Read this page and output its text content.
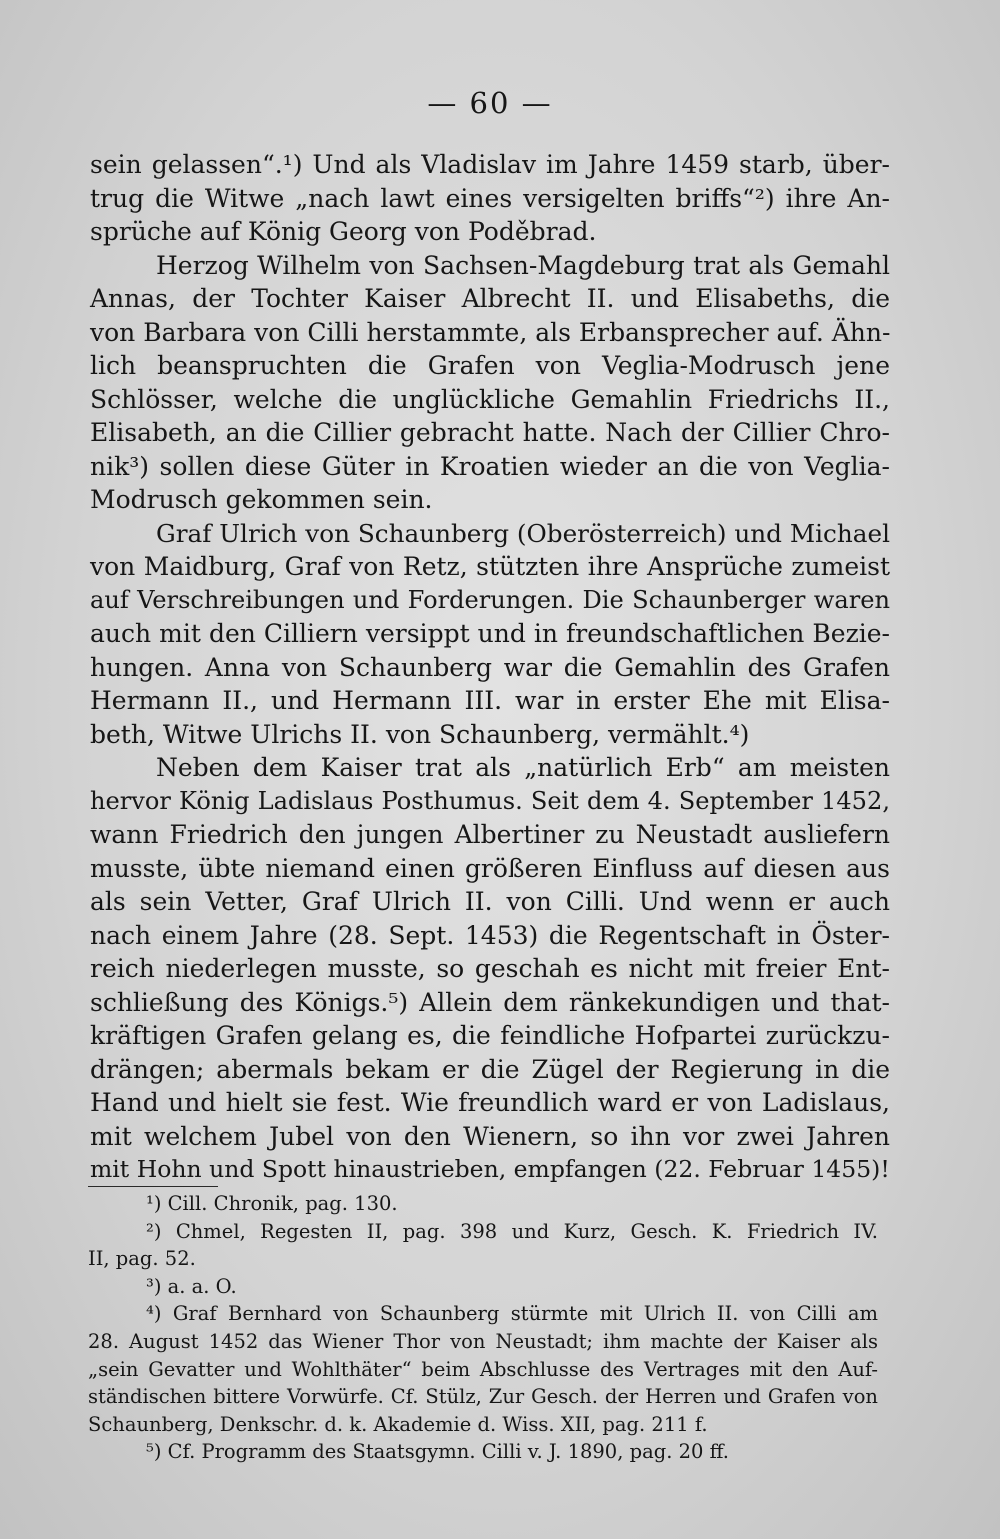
— 60 —
sein gelassen“.¹) Und als Vladislav im Jahre 1459 starb, über-
trug die Witwe „nach lawt eines versigelten briffs“²) ihre An-
sprüche auf König Georg von Poděbrad.
Herzog Wilhelm von Sachsen-Magdeburg trat als Gemahl
Annas, der Tochter Kaiser Albrecht II. und Elisabeths, die
von Barbara von Cilli herstammte, als Erbansprecher auf. Ähn-
lich beanspruchten die Grafen von Veglia-Modrusch jene
Schlösser, welche die unglückliche Gemahlin Friedrichs II.,
Elisabeth, an die Cillier gebracht hatte. Nach der Cillier Chro-
nik³) sollen diese Güter in Kroatien wieder an die von Veglia-
Modrusch gekommen sein.
Graf Ulrich von Schaunberg (Oberösterreich) und Michael
von Maidburg, Graf von Retz, stützten ihre Ansprüche zumeist
auf Verschreibungen und Forderungen. Die Schaunberger waren
auch mit den Cilliern versippt und in freundschaftlichen Bezie-
hungen. Anna von Schaunberg war die Gemahlin des Grafen
Hermann II., und Hermann III. war in erster Ehe mit Elisa-
beth, Witwe Ulrichs II. von Schaunberg, vermählt.⁴)
Neben dem Kaiser trat als „natürlich Erb“ am meisten
hervor König Ladislaus Posthumus. Seit dem 4. September 1452,
wann Friedrich den jungen Albertiner zu Neustadt ausliefern
musste, übte niemand einen größeren Einfluss auf diesen aus
als sein Vetter, Graf Ulrich II. von Cilli. Und wenn er auch
nach einem Jahre (28. Sept. 1453) die Regentschaft in Öster-
reich niederlegen musste, so geschah es nicht mit freier Ent-
schließung des Königs.⁵) Allein dem ränkekundigen und that-
kräftigen Grafen gelang es, die feindliche Hofpartei zurückzu-
drängen; abermals bekam er die Zügel der Regierung in die
Hand und hielt sie fest. Wie freundlich ward er von Ladislaus,
mit welchem Jubel von den Wienern, so ihn vor zwei Jahren
mit Hohn und Spott hinaustrieben, empfangen (22. Februar 1455)!
¹) Cill. Chronik, pag. 130.
²) Chmel, Regesten II, pag. 398 und Kurz, Gesch. K. Friedrich IV.
II, pag. 52.
³) a. a. O.
⁴) Graf Bernhard von Schaunberg stürmte mit Ulrich II. von Cilli am
28. August 1452 das Wiener Thor von Neustadt; ihm machte der Kaiser als
„sein Gevatter und Wohlthäter“ beim Abschlusse des Vertrages mit den Auf-
ständischen bittere Vorwürfe. Cf. Stülz, Zur Gesch. der Herren und Grafen von
Schaunberg, Denkschr. d. k. Akademie d. Wiss. XII, pag. 211 f.
⁵) Cf. Programm des Staatsgymn. Cilli v. J. 1890, pag. 20 ff.
